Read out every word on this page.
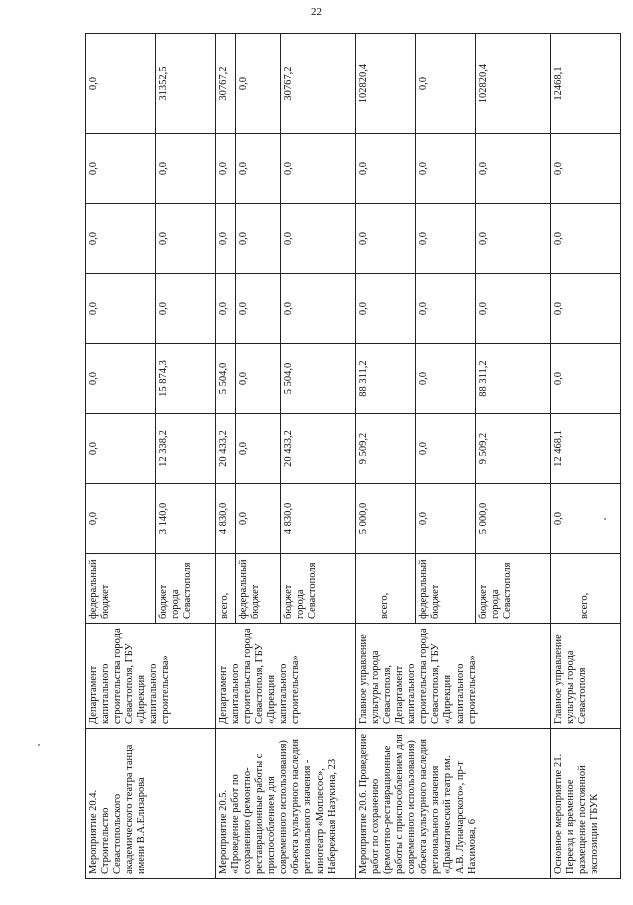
22
Мероприятие 20.4. Строительство Севастопольского академического театра танца имени В.А.Елизарова	Департамент капитального строительства города Севастополя, ГБУ «Дирекция капитального строительства»	федеральный бюджет	0,0	0,0	0,0	0,0	0,0	0,0	0,0
		бюджет города Севастополя	3 140,0	12 338,2	15 874,3	0,0	0,0	0,0	31352,5
Мероприятие 20.5. «Проведение работ по сохранению (ремонтно-реставрационные работы с приспособлением для современного использования) объекта культурного наследия регионального значения - кинотеатр «Моплесос», Набережная Назукина, 23	Департамент капитального строительства города Севастополя, ГБУ «Дирекция капитального строительства»	всего,	4 830,0	20 433,2	5 504,0	0,0	0,0	0,0	30767,2
		федеральный бюджет	0,0	0,0	0,0	0,0	0,0	0,0	0,0
		бюджет города Севастополя	4 830,0	20 433,2	5 504,0	0,0	0,0	0,0	30767,2
Мероприятие 20.6. Проведение работ по сохранению (ремонтно-реставрационные работы с приспособлением для современного использования) объекта культурного наследия регионального значения «Драматический театр им. А.В. Луначарского», пр-т Нахимова, 6	Главное управление культуры города Севастополя, Департамент капитального строительства города Севастополя, ГБУ «Дирекция капитального строительства»	всего,	5 000,0	9 509,2	88 311,2	0,0	0,0	0,0	102820,4
		федеральный бюджет	0,0	0,0	0,0	0,0	0,0	0,0	0,0
		бюджет города Севастополя	5 000,0	9 509,2	88 311,2	0,0	0,0	0,0	102820,4
Основное мероприятие 21. Переезд и временное размещение постоянной экспозиции ГБУК	Главное управление культуры города Севастополя	всего,	0,0	12 468,1	0,0	0,0	0,0	0,0	12468,1
